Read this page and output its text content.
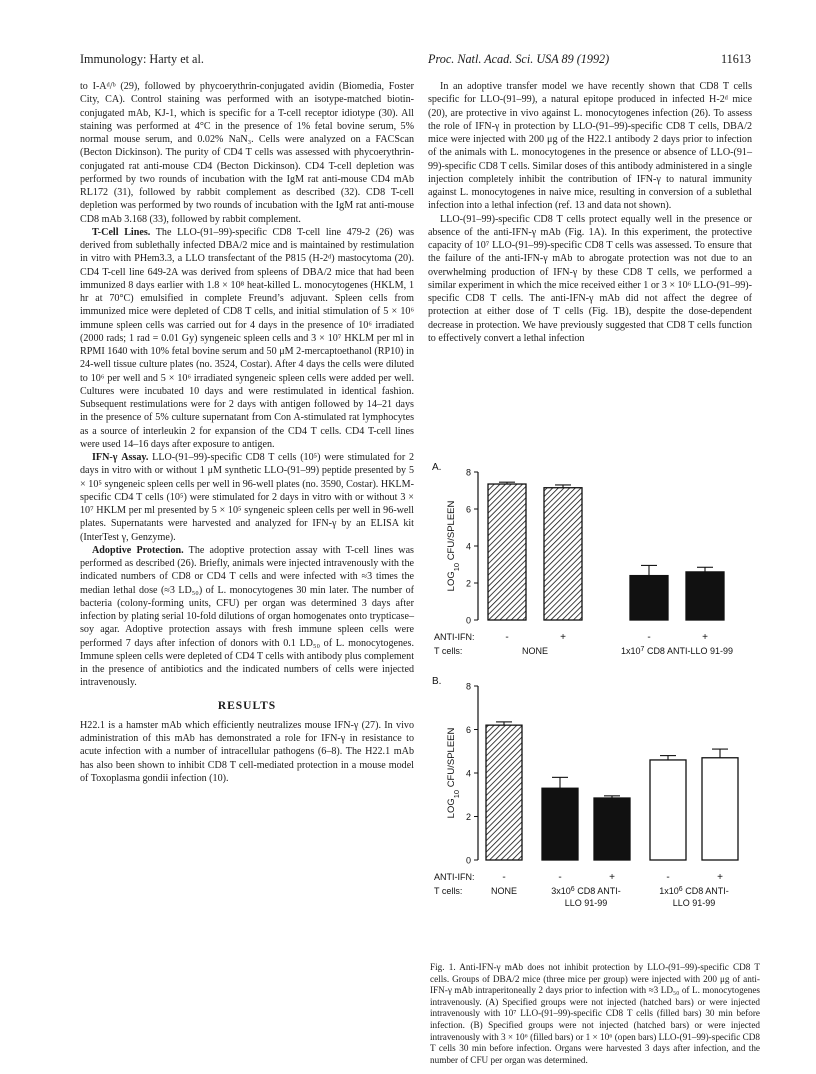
Immunology: Harty et al.	Proc. Natl. Acad. Sci. USA 89 (1992)	11613

to I-Aᵈ/ᵇ (29), followed by phycoerythrin-conjugated avidin (Biomedia, Foster City, CA). Control staining was performed with an isotype-matched biotin-conjugated mAb, KJ-1, which is specific for a T-cell receptor idiotype (30). All staining was performed at 4°C in the presence of 1% fetal bovine serum, 5% normal mouse serum, and 0.02% NaN₃. Cells were analyzed on a FACScan (Becton Dickinson). The purity of CD4 T cells was assessed with phycoerythrin-conjugated rat anti-mouse CD4 (Becton Dickinson). CD4 T-cell depletion was performed by two rounds of incubation with the IgM rat anti-mouse CD4 mAb RL172 (31), followed by rabbit complement as described (32). CD8 T-cell depletion was performed by two rounds of incubation with the IgM rat anti-mouse CD8 mAb 3.168 (33), followed by rabbit complement.

T-Cell Lines. The LLO-(91–99)-specific CD8 T-cell line 479-2 (26) was derived from sublethally infected DBA/2 mice and is maintained by restimulation in vitro with PHem3.3, a LLO transfectant of the P815 (H-2ᵈ) mastocytoma (20). CD4 T-cell line 649-2A was derived from spleens of DBA/2 mice that had been immunized 8 days earlier with 1.8 × 10⁸ heat-killed L. monocytogenes (HKLM, 1 hr at 70°C) emulsified in complete Freund’s adjuvant. Spleen cells from immunized mice were depleted of CD8 T cells, and initial stimulation of 5 × 10⁶ immune spleen cells was carried out for 4 days in the presence of 10⁶ irradiated (2000 rads; 1 rad = 0.01 Gy) syngeneic spleen cells and 3 × 10⁷ HKLM per ml in RPMI 1640 with 10% fetal bovine serum and 50 μM 2-mercaptoethanol (RP10) in 24-well tissue culture plates (no. 3524, Costar). After 4 days the cells were diluted to 10⁶ per well and 5 × 10⁶ irradiated syngeneic spleen cells were added per well. Cultures were incubated 10 days and were restimulated in identical fashion. Subsequent restimulations were for 2 days with antigen followed by 14–21 days in the presence of 5% culture supernatant from Con A-stimulated rat lymphocytes as a source of interleukin 2 for expansion of the CD4 T cells. CD4 T-cell lines were used 14–16 days after exposure to antigen.

IFN-γ Assay. LLO-(91–99)-specific CD8 T cells (10⁵) were stimulated for 2 days in vitro with or without 1 μM synthetic LLO-(91–99) peptide presented by 5 × 10⁵ syngeneic spleen cells per well in 96-well plates (no. 3590, Costar). HKLM-specific CD4 T cells (10⁵) were stimulated for 2 days in vitro with or without 3 × 10⁷ HKLM per ml presented by 5 × 10⁵ syngeneic spleen cells per well in 96-well plates. Supernatants were harvested and analyzed for IFN-γ by an ELISA kit (InterTest γ, Genzyme).

Adoptive Protection. The adoptive protection assay with T-cell lines was performed as described (26). Briefly, animals were injected intravenously with the indicated numbers of CD8 or CD4 T cells and were infected with ≈3 times the median lethal dose (≈3 LD₅₀) of L. monocytogenes 30 min later. The number of bacteria (colony-forming units, CFU) per organ was determined 3 days after infection by plating serial 10-fold dilutions of organ homogenates onto trypticase–soy agar. Adoptive protection assays with fresh immune spleen cells were performed 7 days after infection of donors with 0.1 LD₅₀ of L. monocytogenes. Immune spleen cells were depleted of CD4 T cells with antibody plus complement in the presence of antibiotics and the indicated numbers of cells were injected intravenously.

RESULTS

H22.1 is a hamster mAb which efficiently neutralizes mouse IFN-γ (27). In vivo administration of this mAb has demonstrated a role for IFN-γ in resistance to acute infection with a number of intracellular pathogens (6–8). The H22.1 mAb has also been shown to inhibit CD8 T cell-mediated protection in a mouse model of Toxoplasma gondii infection (10).

In an adoptive transfer model we have recently shown that CD8 T cells specific for LLO-(91–99), a natural epitope produced in infected H-2ᵈ mice (20), are protective in vivo against L. monocytogenes infection (26). To assess the role of IFN-γ in protection by LLO-(91–99)-specific CD8 T cells, DBA/2 mice were injected with 200 μg of the H22.1 antibody 2 days prior to infection of the animals with L. monocytogenes in the presence or absence of LLO-(91–99)-specific CD8 T cells. Similar doses of this antibody administered in a single injection completely inhibit the contribution of IFN-γ to natural immunity against L. monocytogenes in naive mice, resulting in conversion of a sublethal infection into a lethal infection (ref. 13 and data not shown).

LLO-(91–99)-specific CD8 T cells protect equally well in the presence or absence of the anti-IFN-γ mAb (Fig. 1A). In this experiment, the protective capacity of 10⁷ LLO-(91–99)-specific CD8 T cells was assessed. To ensure that the failure of the anti-IFN-γ mAb to abrogate protection was not due to an overwhelming production of IFN-γ by these CD8 T cells, we performed a similar experiment in which the mice received either 1 or 3 × 10⁶ LLO-(91–99)-specific CD8 T cells. The anti-IFN-γ mAb did not affect the degree of protection at either dose of T cells (Fig. 1B), despite the dose-dependent decrease in protection. We have previously suggested that CD8 T cells function to effectively convert a lethal infection

A.
0
2
4
6
8
$LOG_{10}$ CFU/SPLEEN
ANTI-IFN:	-	+	-	+
T cells:	NONE	$1x10^7$ CD8 ANTI-LLO 91-99
B.
0
2
4
6
8
$LOG_{10}$ CFU/SPLEEN
ANTI-IFN:	-	-	+	-	+
T cells:	NONE	$3x10^6$ CD8 ANTI-
LLO 91-99
$1x10^6$ CD8 ANTI-
LLO 91-99
Fig. 1. Anti-IFN-γ mAb does not inhibit protection by LLO-(91–99)-specific CD8 T cells. Groups of DBA/2 mice (three mice per group) were injected with 200 μg of anti-IFN-γ mAb intraperitoneally 2 days prior to infection with ≈3 LD₅₀ of L. monocytogenes intravenously. (A) Specified groups were not injected (hatched bars) or were injected intravenously with 10⁷ LLO-(91–99)-specific CD8 T cells (filled bars) 30 min before infection. (B) Specified groups were not injected (hatched bars) or were injected intravenously with 3 × 10⁶ (filled bars) or 1 × 10⁶ (open bars) LLO-(91–99)-specific CD8 T cells 30 min before infection. Organs were harvested 3 days after infection, and the number of CFU per organ was determined.
